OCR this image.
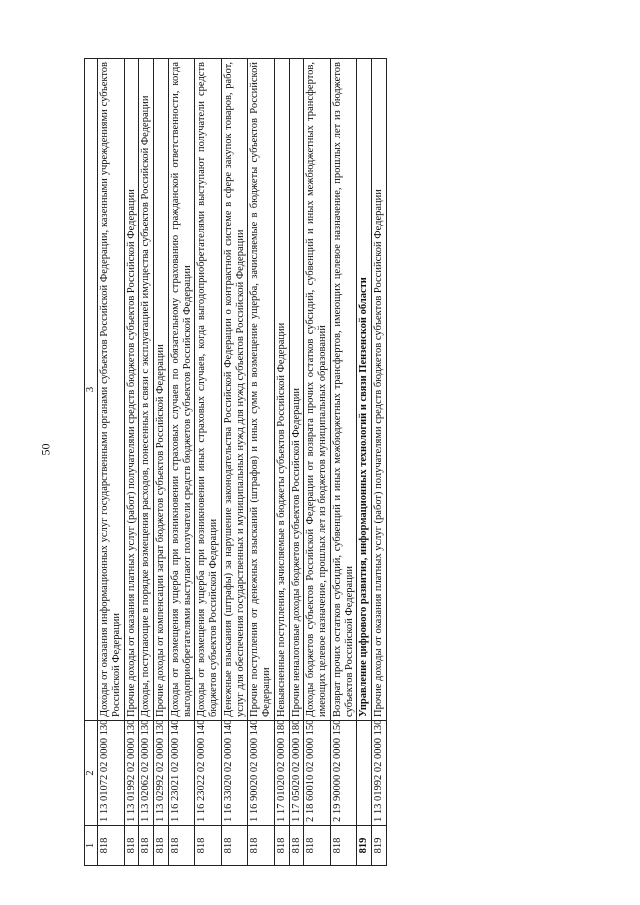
50
1	2	3
818	1 13 01072 02 0000 130	Доходы от оказания информационных услуг государственными органами субъектов Российской Федерации, казенными учреждениями субъектов Российской Федерации
818	1 13 01992 02 0000 130	Прочие доходы от оказания платных услуг (работ) получателями средств бюджетов субъектов Российской Федерации
818	1 13 02062 02 0000 130	Доходы, поступающие в порядке возмещения расходов, понесенных в связи с эксплуатацией имущества субъектов Российской Федерации
818	1 13 02992 02 0000 130	Прочие доходы от компенсации затрат бюджетов субъектов Российской Федерации
818	1 16 23021 02 0000 140	Доходы от возмещения ущерба при возникновении страховых случаев по обязательному страхованию гражданской ответственности, когда выгодоприобретателями выступают получатели средств бюджетов субъектов Российской Федерации
818	1 16 23022 02 0000 140	Доходы от возмещения ущерба при возникновении иных страховых случаев, когда выгодоприобретателями выступают получатели средств бюджетов субъектов Российской Федерации
818	1 16 33020 02 0000 140	Денежные взыскания (штрафы) за нарушение законодательства Российской Федерации о контрактной системе в сфере закупок товаров, работ, услуг для обеспечения государственных и муниципальных нужд для нужд субъектов Российской Федерации
818	1 16 90020 02 0000 140	Прочие поступления от денежных взысканий (штрафов) и иных сумм в возмещение ущерба, зачисляемые в бюджеты субъектов Российской Федерации
818	1 17 01020 02 0000 180	Невыясненные поступления, зачисляемые в бюджеты субъектов Российской Федерации
818	1 17 05020 02 0000 180	Прочие неналоговые доходы бюджетов субъектов Российской Федерации
818	2 18 60010 02 0000 150	Доходы бюджетов субъектов Российской Федерации от возврата прочих остатков субсидий, субвенций и иных межбюджетных трансфертов, имеющих целевое назначение, прошлых лет из бюджетов муниципальных образований
818	2 19 90000 02 0000 150	Возврат прочих остатков субсидий, субвенций и иных межбюджетных трансфертов, имеющих целевое назначение, прошлых лет из бюджетов субъектов Российской Федерации
819		Управление цифрового развития, информационных технологий и связи Пензенской области
819	1 13 01992 02 0000 130	Прочие доходы от оказания платных услуг (работ) получателями средств бюджетов субъектов Российской Федерации
